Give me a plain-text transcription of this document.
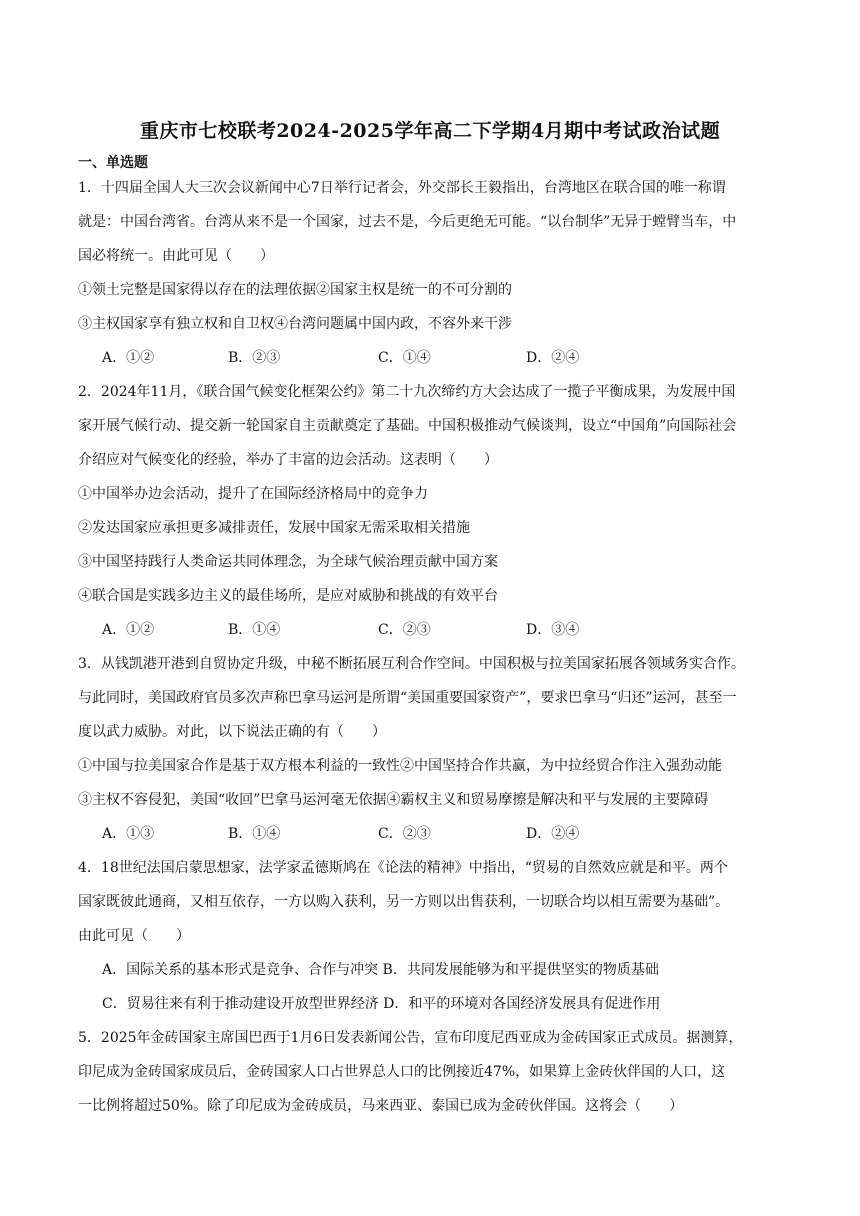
重庆市七校联考2024-2025学年高二下学期4月期中考试政治试题
一、单选题
1．十四届全国人大三次会议新闻中心7日举行记者会，外交部长王毅指出，台湾地区在联合国的唯一称谓
就是：中国台湾省。台湾从来不是一个国家，过去不是，今后更绝无可能。“以台制华”无异于螳臂当车，中
国必将统一。由此可见（　　）
①领土完整是国家得以存在的法理依据②国家主权是统一的不可分割的
③主权国家享有独立权和自卫权④台湾问题属中国内政，不容外来干涉
A．①②	B．②③	C．①④	D．②④
2．2024年11月，《联合国气候变化框架公约》第二十九次缔约方大会达成了一揽子平衡成果，为发展中国
家开展气候行动、提交新一轮国家自主贡献奠定了基础。中国积极推动气候谈判，设立“中国角”向国际社会
介绍应对气候变化的经验，举办了丰富的边会活动。这表明（　　）
①中国举办边会活动，提升了在国际经济格局中的竞争力
②发达国家应承担更多减排责任，发展中国家无需采取相关措施
③中国坚持践行人类命运共同体理念，为全球气候治理贡献中国方案
④联合国是实践多边主义的最佳场所，是应对威胁和挑战的有效平台
A．①②	B．①④	C．②③	D．③④
3．从钱凯港开港到自贸协定升级，中秘不断拓展互利合作空间。中国积极与拉美国家拓展各领域务实合作。
与此同时，美国政府官员多次声称巴拿马运河是所谓“美国重要国家资产”，要求巴拿马“归还”运河，甚至一
度以武力威胁。对此，以下说法正确的有（　　）
①中国与拉美国家合作是基于双方根本利益的一致性②中国坚持合作共赢，为中拉经贸合作注入强劲动能
③主权不容侵犯，美国“收回”巴拿马运河毫无依据④霸权主义和贸易摩擦是解决和平与发展的主要障碍
A．①③	B．①④	C．②③	D．②④
4．18世纪法国启蒙思想家，法学家孟德斯鸠在《论法的精神》中指出，“贸易的自然效应就是和平。两个
国家既彼此通商，又相互依存，一方以购入获利，另一方则以出售获利，一切联合均以相互需要为基础”。
由此可见（　　）
A．国际关系的基本形式是竞争、合作与冲突 B．共同发展能够为和平提供坚实的物质基础
C．贸易往来有利于推动建设开放型世界经济 D．和平的环境对各国经济发展具有促进作用
5．2025年金砖国家主席国巴西于1月6日发表新闻公告，宣布印度尼西亚成为金砖国家正式成员。据测算，
印尼成为金砖国家成员后，金砖国家人口占世界总人口的比例接近47%，如果算上金砖伙伴国的人口，这
一比例将超过50%。除了印尼成为金砖成员，马来西亚、泰国已成为金砖伙伴国。这将会（　　）
